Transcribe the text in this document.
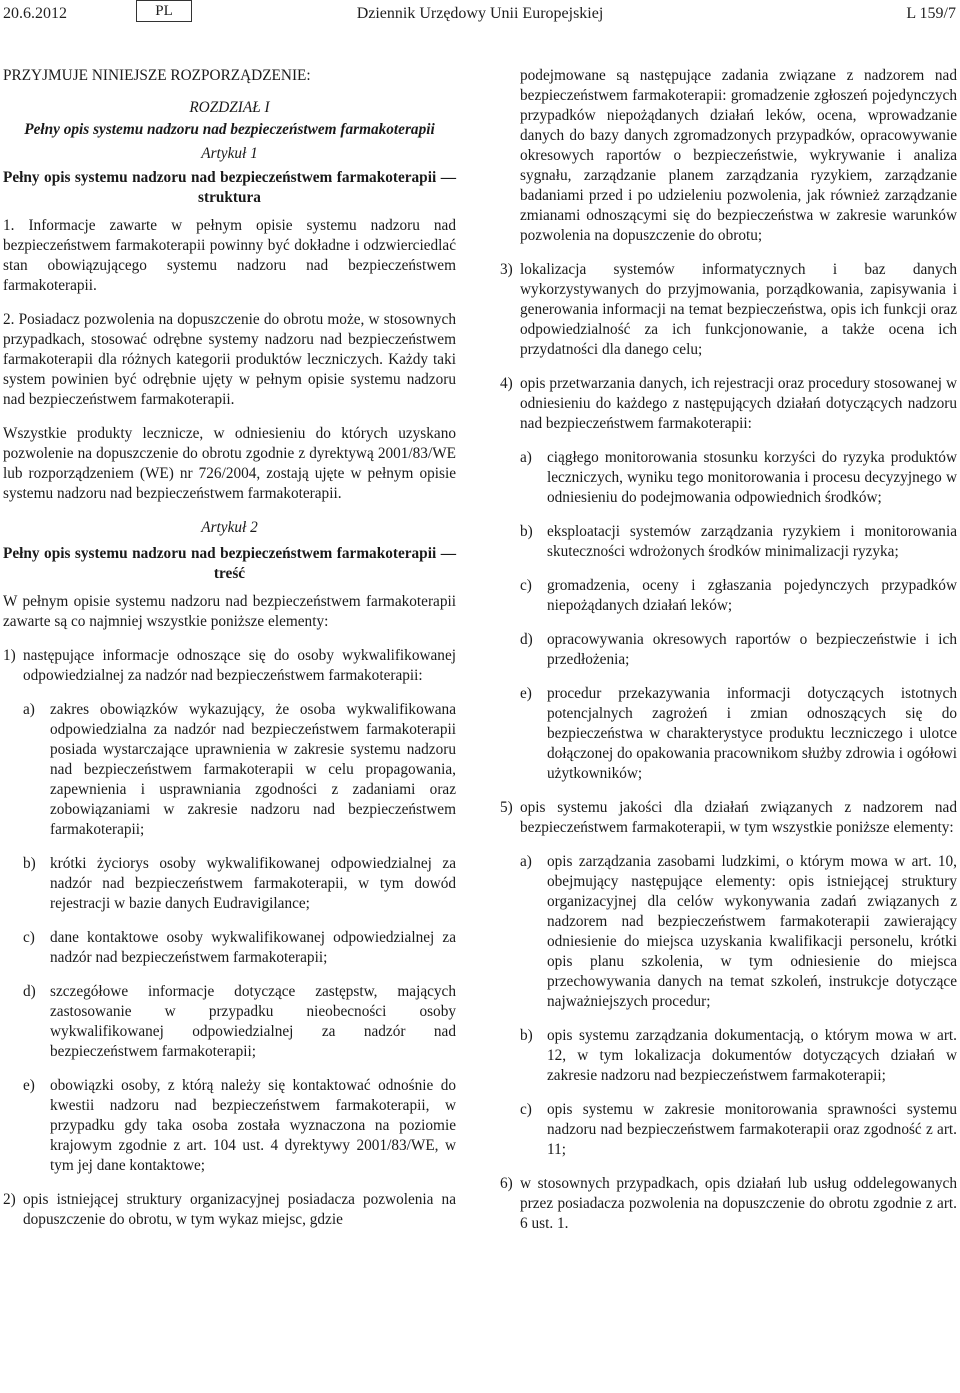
20.6.2012	PL	Dziennik Urzędowy Unii Europejskiej	L 159/7

PRZYJMUJE NINIEJSZE ROZPORZĄDZENIE:

ROZDZIAŁ I

Pełny opis systemu nadzoru nad bezpieczeństwem farmakoterapii

Artykuł 1

Pełny opis systemu nadzoru nad bezpieczeństwem farmakoterapii — struktura

1. Informacje zawarte w pełnym opisie systemu nadzoru nad bezpieczeństwem farmakoterapii powinny być dokładne i odzwierciedlać stan obowiązującego systemu nadzoru nad bezpieczeństwem farmakoterapii.

2. Posiadacz pozwolenia na dopuszczenie do obrotu może, w stosownych przypadkach, stosować odrębne systemy nadzoru nad bezpieczeństwem farmakoterapii dla różnych kategorii produktów leczniczych. Każdy taki system powinien być odrębnie ujęty w pełnym opisie systemu nadzoru nad bezpieczeństwem farmakoterapii.

Wszystkie produkty lecznicze, w odniesieniu do których uzyskano pozwolenie na dopuszczenie do obrotu zgodnie z dyrektywą 2001/83/WE lub rozporządzeniem (WE) nr 726/2004, zostają ujęte w pełnym opisie systemu nadzoru nad bezpieczeństwem farmakoterapii.

Artykuł 2

Pełny opis systemu nadzoru nad bezpieczeństwem farmakoterapii — treść

W pełnym opisie systemu nadzoru nad bezpieczeństwem farmakoterapii zawarte są co najmniej wszystkie poniższe elementy:

1) następujące informacje odnoszące się do osoby wykwalifikowanej odpowiedzialnej za nadzór nad bezpieczeństwem farmakoterapii:
a) zakres obowiązków wykazujący, że osoba wykwalifikowana odpowiedzialna za nadzór nad bezpieczeństwem farmakoterapii posiada wystarczające uprawnienia w zakresie systemu nadzoru nad bezpieczeństwem farmakoterapii w celu propagowania, zapewnienia i usprawniania zgodności z zadaniami oraz zobowiązaniami w zakresie nadzoru nad bezpieczeństwem farmakoterapii;
b) krótki życiorys osoby wykwalifikowanej odpowiedzialnej za nadzór nad bezpieczeństwem farmakoterapii, w tym dowód rejestracji w bazie danych Eudravigilance;
c) dane kontaktowe osoby wykwalifikowanej odpowiedzialnej za nadzór nad bezpieczeństwem farmakoterapii;
d) szczegółowe informacje dotyczące zastępstw, mających zastosowanie w przypadku nieobecności osoby wykwalifikowanej odpowiedzialnej za nadzór nad bezpieczeństwem farmakoterapii;
e) obowiązki osoby, z którą należy się kontaktować odnośnie do kwestii nadzoru nad bezpieczeństwem farmakoterapii, w przypadku gdy taka osoba została wyznaczona na poziomie krajowym zgodnie z art. 104 ust. 4 dyrektywy 2001/83/WE, w tym jej dane kontaktowe;
2) opis istniejącej struktury organizacyjnej posiadacza pozwolenia na dopuszczenie do obrotu, w tym wykaz miejsc, gdzie

podejmowane są następujące zadania związane z nadzorem nad bezpieczeństwem farmakoterapii: gromadzenie zgłoszeń pojedynczych przypadków niepożądanych działań leków, ocena, wprowadzanie danych do bazy danych zgromadzonych przypadków, opracowywanie okresowych raportów o bezpieczeństwie, wykrywanie i analiza sygnału, zarządzanie planem zarządzania ryzykiem, zarządzanie badaniami przed i po udzieleniu pozwolenia, jak również zarządzanie zmianami odnoszącymi się do bezpieczeństwa w zakresie warunków pozwolenia na dopuszczenie do obrotu;

3) lokalizacja systemów informatycznych i baz danych wykorzystywanych do przyjmowania, porządkowania, zapisywania i generowania informacji na temat bezpieczeństwa, opis ich funkcji oraz odpowiedzialność za ich funkcjonowanie, a także ocena ich przydatności dla danego celu;
4) opis przetwarzania danych, ich rejestracji oraz procedury stosowanej w odniesieniu do każdego z następujących działań dotyczących nadzoru nad bezpieczeństwem farmakoterapii:
a) ciągłego monitorowania stosunku korzyści do ryzyka produktów leczniczych, wyniku tego monitorowania i procesu decyzyjnego w odniesieniu do podejmowania odpowiednich środków;
b) eksploatacji systemów zarządzania ryzykiem i monitorowania skuteczności wdrożonych środków minimalizacji ryzyka;
c) gromadzenia, oceny i zgłaszania pojedynczych przypadków niepożądanych działań leków;
d) opracowywania okresowych raportów o bezpieczeństwie i ich przedłożenia;
e) procedur przekazywania informacji dotyczących istotnych potencjalnych zagrożeń i zmian odnoszących się do bezpieczeństwa w charakterystyce produktu leczniczego i ulotce dołączonej do opakowania pracownikom służby zdrowia i ogółowi użytkowników;
5) opis systemu jakości dla działań związanych z nadzorem nad bezpieczeństwem farmakoterapii, w tym wszystkie poniższe elementy:
a) opis zarządzania zasobami ludzkimi, o którym mowa w art. 10, obejmujący następujące elementy: opis istniejącej struktury organizacyjnej dla celów wykonywania zadań związanych z nadzorem nad bezpieczeństwem farmakoterapii zawierający odniesienie do miejsca uzyskania kwalifikacji personelu, krótki opis planu szkolenia, w tym odniesienie do miejsca przechowywania danych na temat szkoleń, instrukcje dotyczące najważniejszych procedur;
b) opis systemu zarządzania dokumentacją, o którym mowa w art. 12, w tym lokalizacja dokumentów dotyczących działań w zakresie nadzoru nad bezpieczeństwem farmakoterapii;
c) opis systemu w zakresie monitorowania sprawności systemu nadzoru nad bezpieczeństwem farmakoterapii oraz zgodność z art. 11;
6) w stosownych przypadkach, opis działań lub usług oddelegowanych przez posiadacza pozwolenia na dopuszczenie do obrotu zgodnie z art. 6 ust. 1.
